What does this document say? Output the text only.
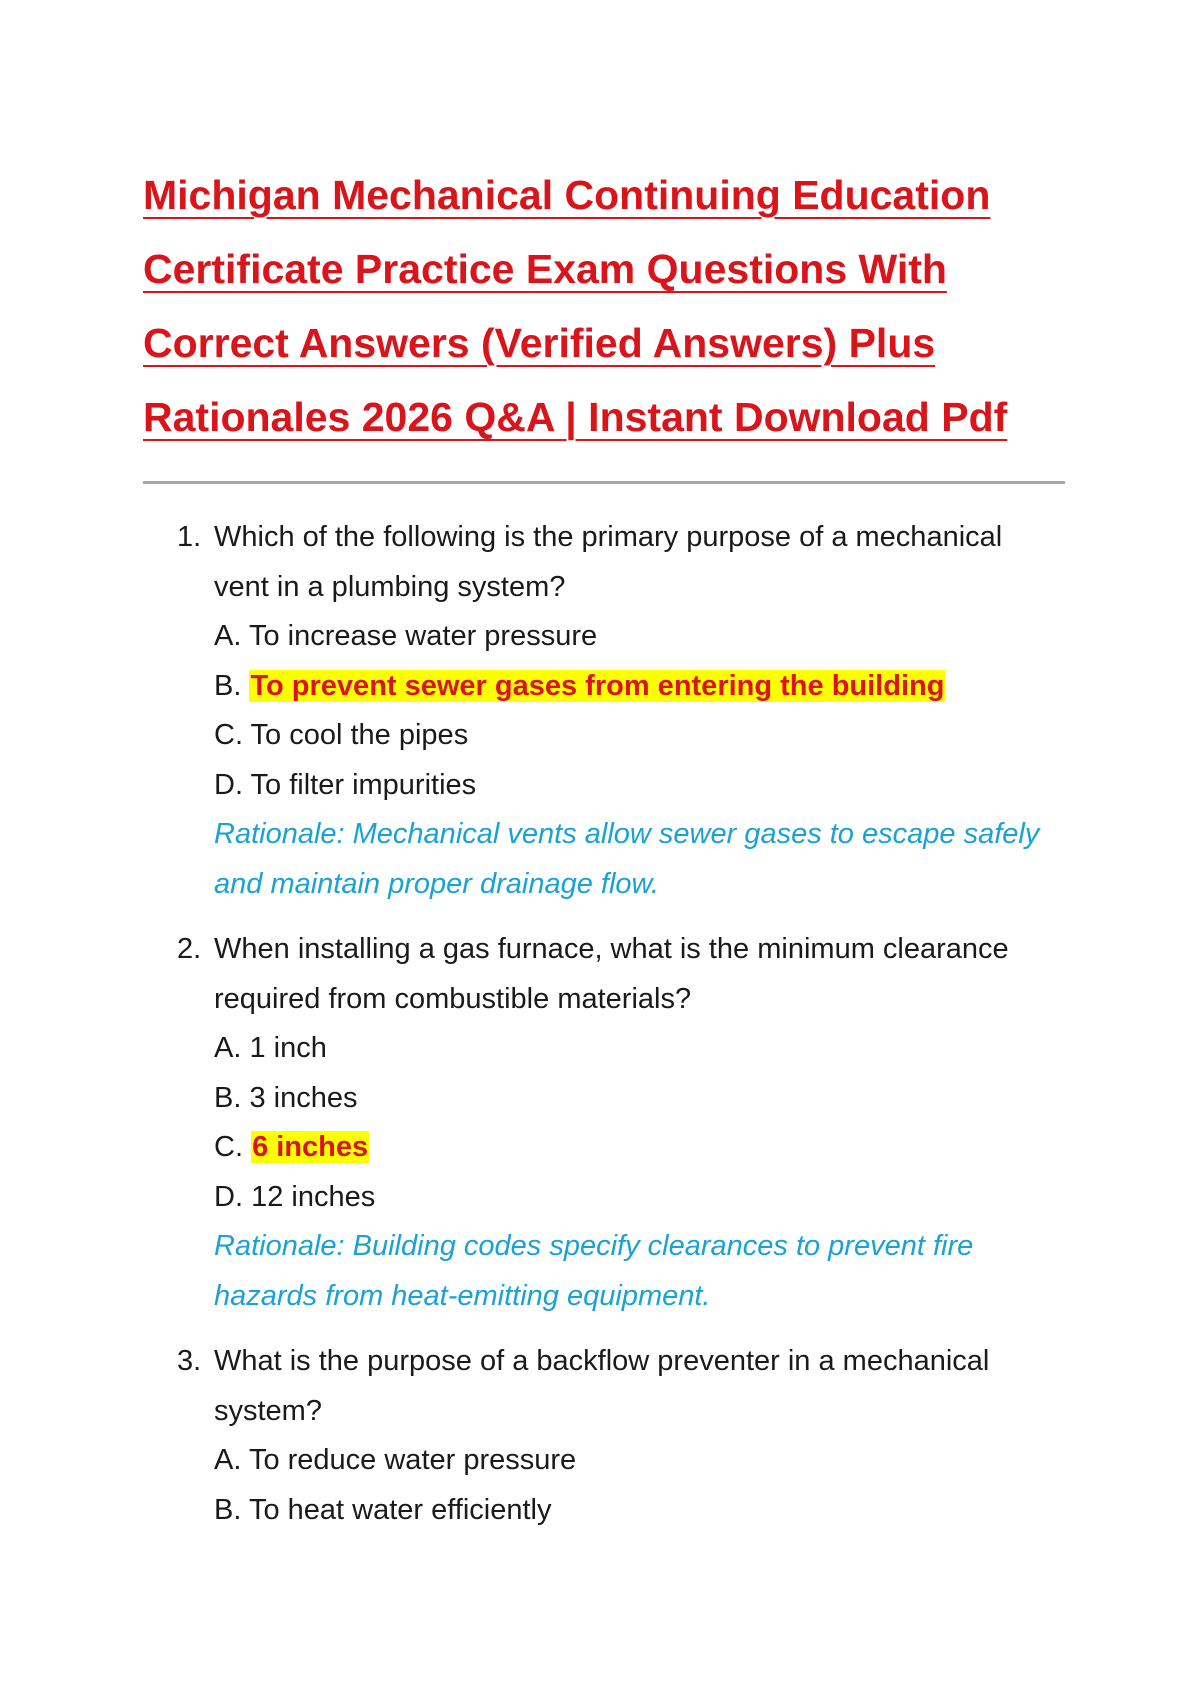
Michigan Mechanical Continuing Education
Certificate Practice Exam Questions With
Correct Answers (Verified Answers) Plus
Rationales 2026 Q&A | Instant Download Pdf
1. Which of the following is the primary purpose of a mechanical vent in a plumbing system?
A. To increase water pressure
B. To prevent sewer gases from entering the building
C. To cool the pipes
D. To filter impurities
Rationale: Mechanical vents allow sewer gases to escape safely and maintain proper drainage flow.
2. When installing a gas furnace, what is the minimum clearance required from combustible materials?
A. 1 inch
B. 3 inches
C. 6 inches
D. 12 inches
Rationale: Building codes specify clearances to prevent fire hazards from heat-emitting equipment.
3. What is the purpose of a backflow preventer in a mechanical system?
A. To reduce water pressure
B. To heat water efficiently
